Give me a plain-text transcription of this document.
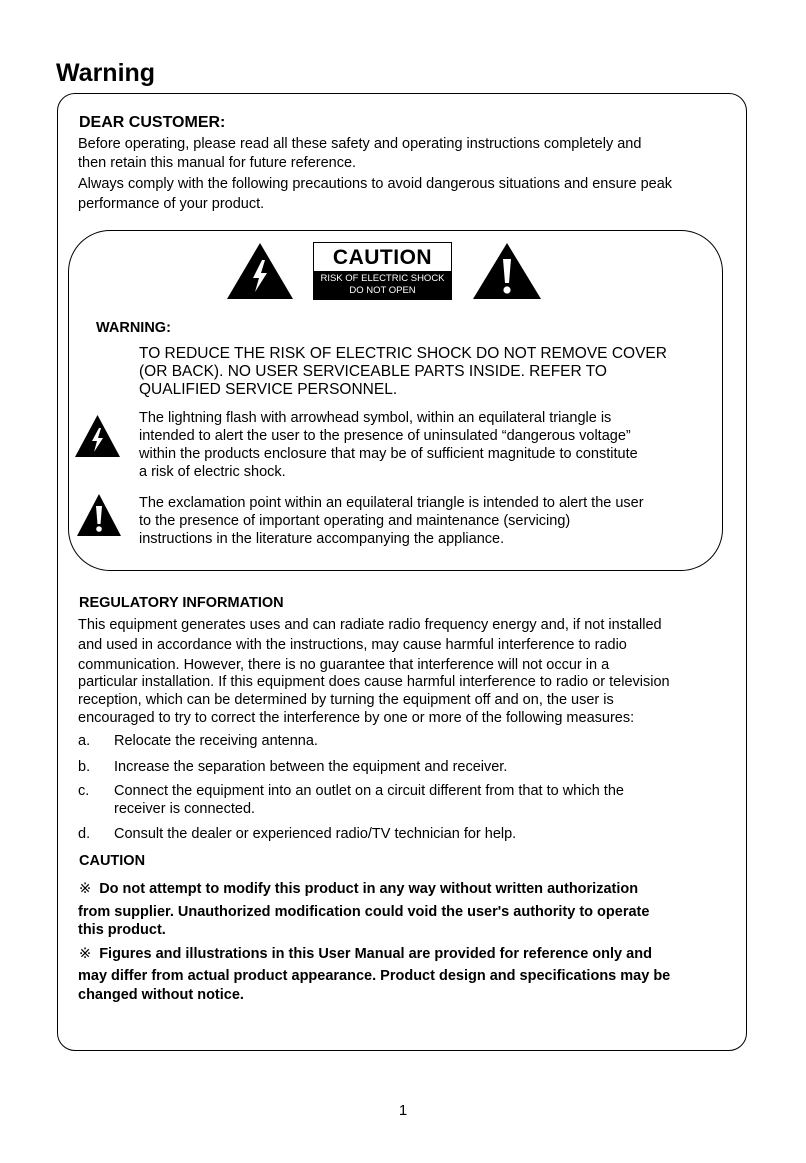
Warning
DEAR CUSTOMER:
Before operating, please read all these safety and operating instructions completely and
then retain this manual for future reference.
Always comply with the following precautions to avoid dangerous situations and ensure peak
performance of your product.
CAUTION
RISK OF ELECTRIC SHOCK
DO NOT OPEN
WARNING:
TO REDUCE THE RISK OF ELECTRIC SHOCK DO NOT REMOVE COVER
(OR BACK). NO USER SERVICEABLE PARTS INSIDE. REFER TO
QUALIFIED SERVICE PERSONNEL.
The lightning flash with arrowhead symbol, within an equilateral triangle is
intended to alert the user to the presence of uninsulated “dangerous voltage”
within the products enclosure that may be of sufficient magnitude to constitute
a risk of electric shock.
The exclamation point within an equilateral triangle is intended to alert the user
to the presence of important operating and maintenance (servicing)
instructions in the literature accompanying the appliance.
REGULATORY INFORMATION
This equipment generates uses and can radiate radio frequency energy and, if not installed
and used in accordance with the instructions, may cause harmful interference to radio
communication. However, there is no guarantee that interference will not occur in a
particular installation. If this equipment does cause harmful interference to radio or television
reception, which can be determined by turning the equipment off and on, the user is
encouraged to try to correct the interference by one or more of the following measures:
a. Relocate the receiving antenna.
b. Increase the separation between the equipment and receiver.
c. Connect the equipment into an outlet on a circuit different from that to which the
receiver is connected.
d. Consult the dealer or experienced radio/TV technician for help.
CAUTION
※ Do not attempt to modify this product in any way without written authorization
from supplier. Unauthorized modification could void the user's authority to operate
this product.
※ Figures and illustrations in this User Manual are provided for reference only and
may differ from actual product appearance. Product design and specifications may be
changed without notice.
1
